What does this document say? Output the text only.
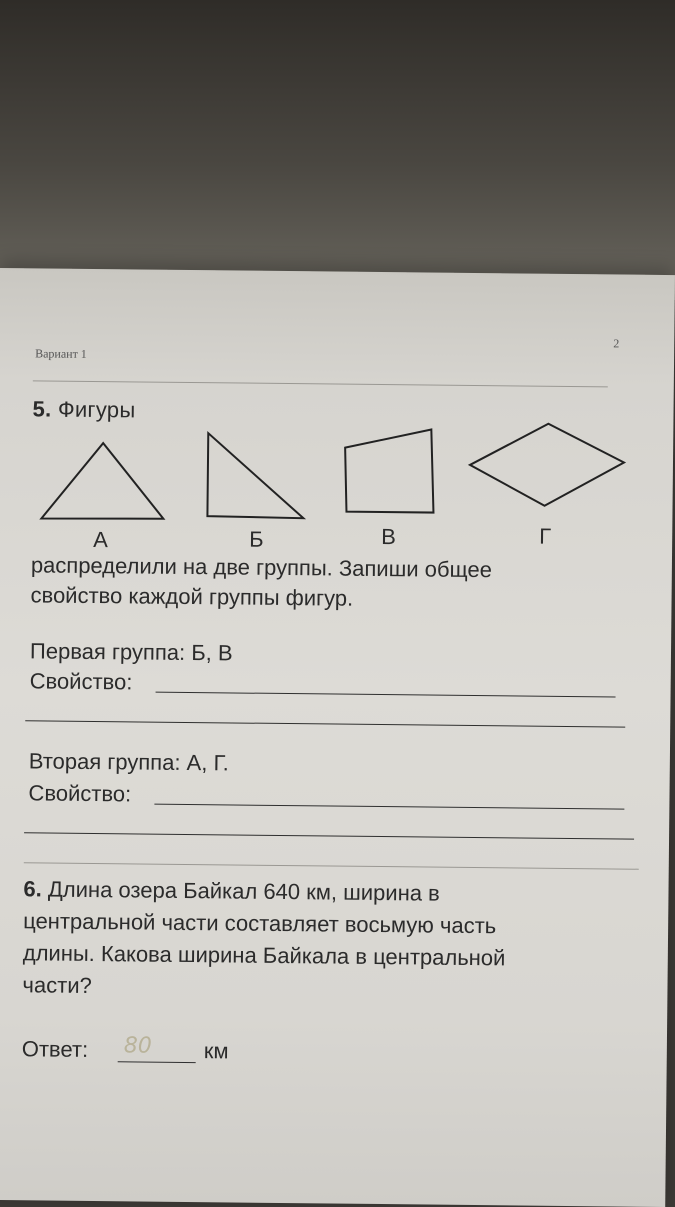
Вариант 1
2
5. Фигуры
А	Б	В	Г
распределили на две группы. Запиши общее
свойство каждой группы фигур.
Первая группа: Б, В
Свойство:
Вторая группа: А, Г.
Свойство:
6. Длина озера Байкал 640 км, ширина в
центральной части составляет восьмую часть
длины. Какова ширина Байкала в центральной
части?
Ответ: 80 км
